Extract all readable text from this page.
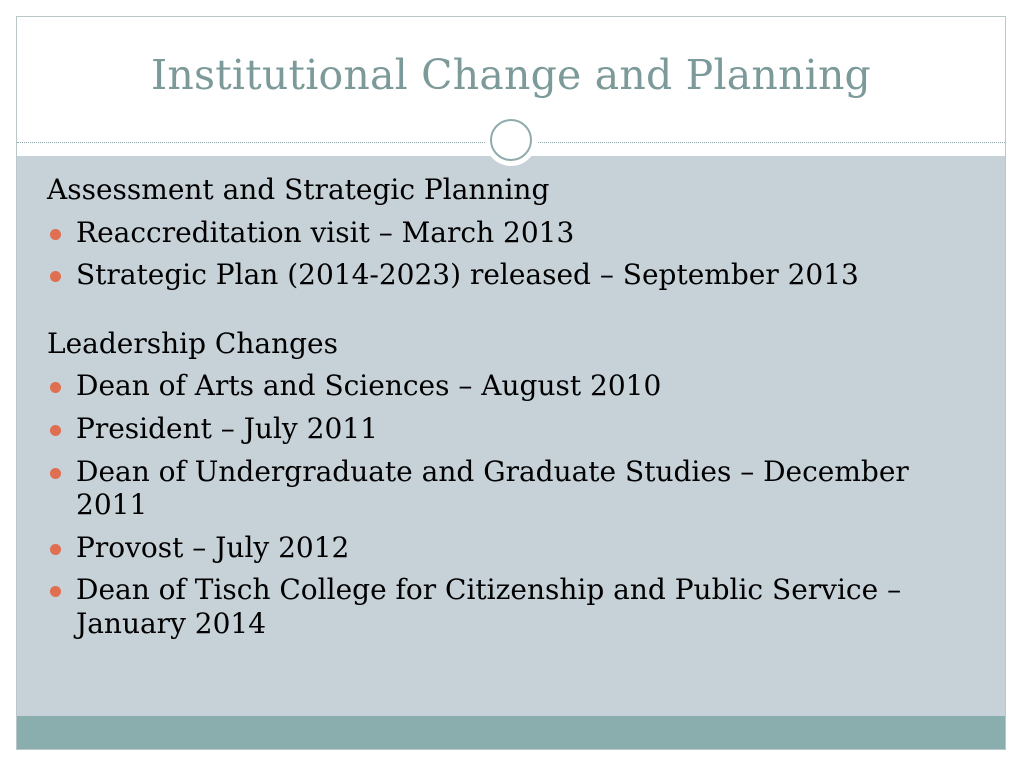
Institutional Change and Planning

Assessment and Strategic Planning

Reaccreditation visit – March 2013
Strategic Plan (2014-2023) released – September 2013

Leadership Changes

Dean of Arts and Sciences – August 2010
President – July 2011
Dean of Undergraduate and Graduate Studies – December 2011
Provost – July 2012
Dean of Tisch College for Citizenship and Public Service – January 2014
